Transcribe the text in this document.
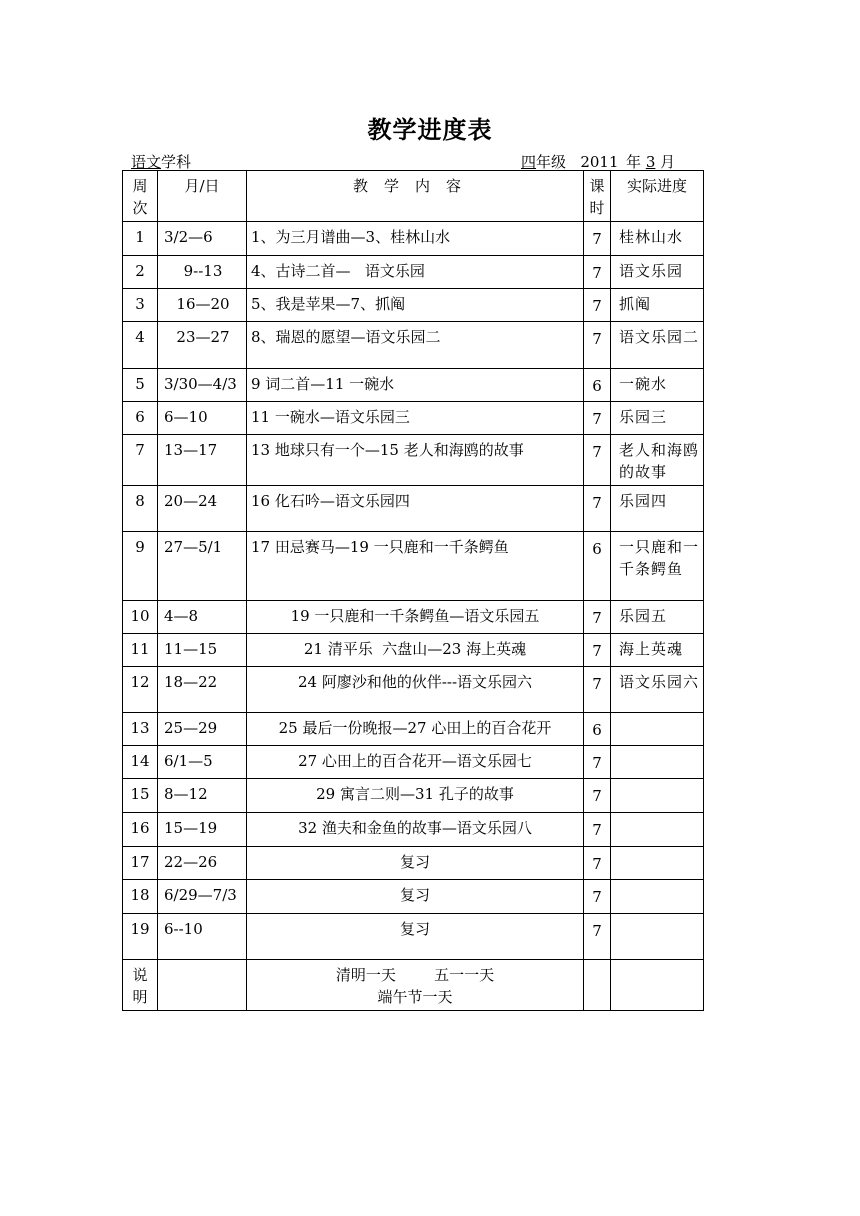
教学进度表
语文学科	四年级 2011_年 3 月
周次	月/日	教学内容	课时	实际进度
1	3/2—6	1、为三月谱曲—3、桂林山水	7	桂林山水
2	9--13	4、古诗二首—   语文乐园	7	语文乐园
3	16—20	5、我是苹果—7、抓阄	7	抓阄
4	23—27	8、瑞恩的愿望—语文乐园二	7	语文乐园二
5	3/30—4/3	9 词二首—11 一碗水	6	一碗水
6	6—10	11 一碗水—语文乐园三	7	乐园三
7	13—17	13 地球只有一个—15 老人和海鸥的故事	7	老人和海鸥的故事
8	20—24	16 化石吟—语文乐园四	7	乐园四
9	27—5/1	17 田忌赛马—19 一只鹿和一千条鳄鱼	6	一只鹿和一千条鳄鱼
10	4—8	19 一只鹿和一千条鳄鱼—语文乐园五	7	乐园五
11	11—15	21 清平乐  六盘山—23 海上英魂	7	海上英魂
12	18—22	24 阿廖沙和他的伙伴---语文乐园六	7	语文乐园六
13	25—29	25 最后一份晚报—27 心田上的百合花开	6	
14	6/1—5	27 心田上的百合花开—语文乐园七	7	
15	8—12	29 寓言二则—31 孔子的故事	7	
16	15—19	32 渔夫和金鱼的故事—语文乐园八	7	
17	22—26	复习	7	
18	6/29—7/3	复习	7	
19	6--10	复习	7	
说明		清明一天        五一一天
端午节一天		
